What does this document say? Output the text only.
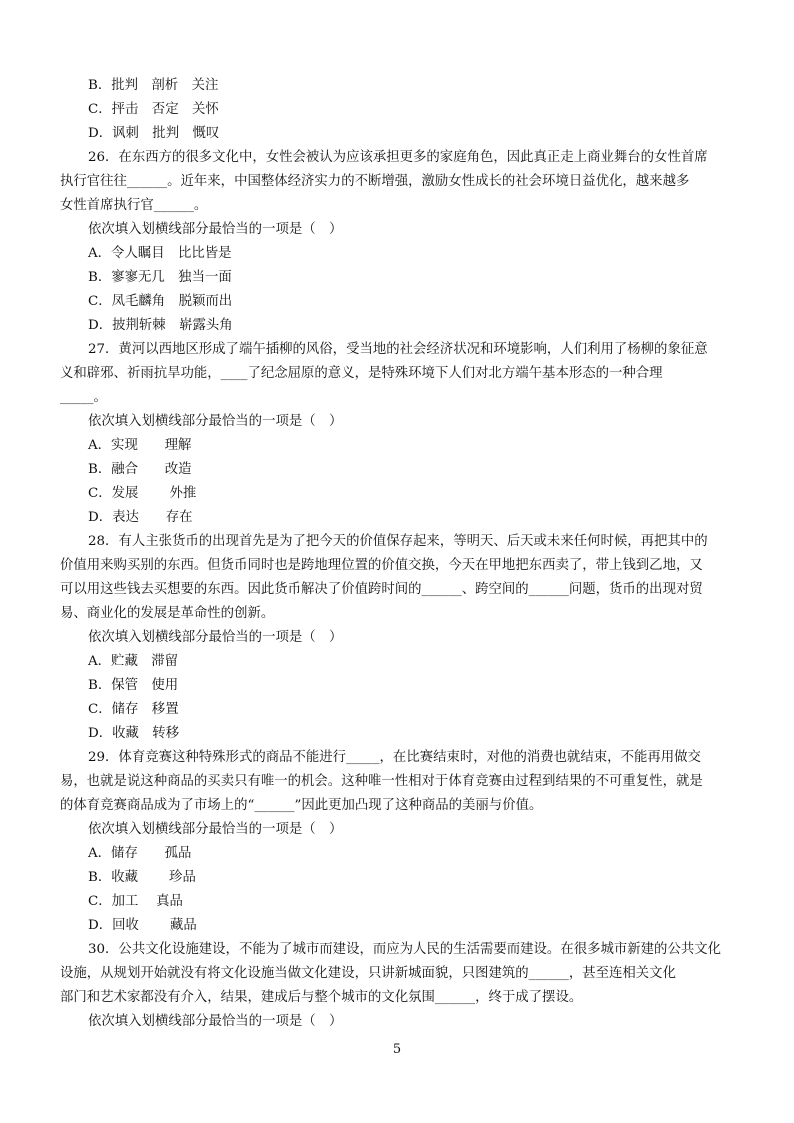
B．批判　剖析　关注
C．抨击　否定　关怀
D．讽刺　批判　慨叹
26．在东西方的很多文化中，女性会被认为应该承担更多的家庭角色，因此真正走上商业舞台的女性首席
执行官往往______。近年来，中国整体经济实力的不断增强，激励女性成长的社会环境日益优化，越来越多
女性首席执行官______。
依次填入划横线部分最恰当的一项是（　）
A．令人瞩目　比比皆是
B．寥寥无几　独当一面
C．凤毛麟角　脱颖而出
D．披荆斩棘　崭露头角
27．黄河以西地区形成了端午插柳的风俗，受当地的社会经济状况和环境影响，人们利用了杨柳的象征意
义和辟邪、祈雨抗旱功能，____了纪念屈原的意义，是特殊环境下人们对北方端午基本形态的一种合理
_____。
依次填入划横线部分最恰当的一项是（　）
A．实现　　理解
B．融合　　改造
C．发展　　 外推
D．表达　　存在
28．有人主张货币的出现首先是为了把今天的价值保存起来，等明天、后天或未来任何时候，再把其中的
价值用来购买别的东西。但货币同时也是跨地理位置的价值交换，今天在甲地把东西卖了，带上钱到乙地，又
可以用这些钱去买想要的东西。因此货币解决了价值跨时间的______、跨空间的______问题，货币的出现对贸
易、商业化的发展是革命性的创新。
依次填入划横线部分最恰当的一项是（　）
A．贮藏　滞留
B．保管　使用
C．储存　移置
D．收藏　转移
29．体育竞赛这种特殊形式的商品不能进行_____，在比赛结束时，对他的消费也就结束，不能再用做交
易，也就是说这种商品的买卖只有唯一的机会。这种唯一性相对于体育竞赛由过程到结果的不可重复性，就是
的体育竞赛商品成为了市场上的“______”因此更加凸现了这种商品的美丽与价值。
依次填入划横线部分最恰当的一项是（　）
A．储存　　孤品
B．收藏　　 珍品
C．加工　 真品
D．回收　　 藏品
30．公共文化设施建设，不能为了城市而建设，而应为人民的生活需要而建设。在很多城市新建的公共文化
设施，从规划开始就没有将文化设施当做文化建设，只讲新城面貌，只图建筑的______，甚至连相关文化
部门和艺术家都没有介入，结果，建成后与整个城市的文化氛围______，终于成了摆设。
依次填入划横线部分最恰当的一项是（　）
5
